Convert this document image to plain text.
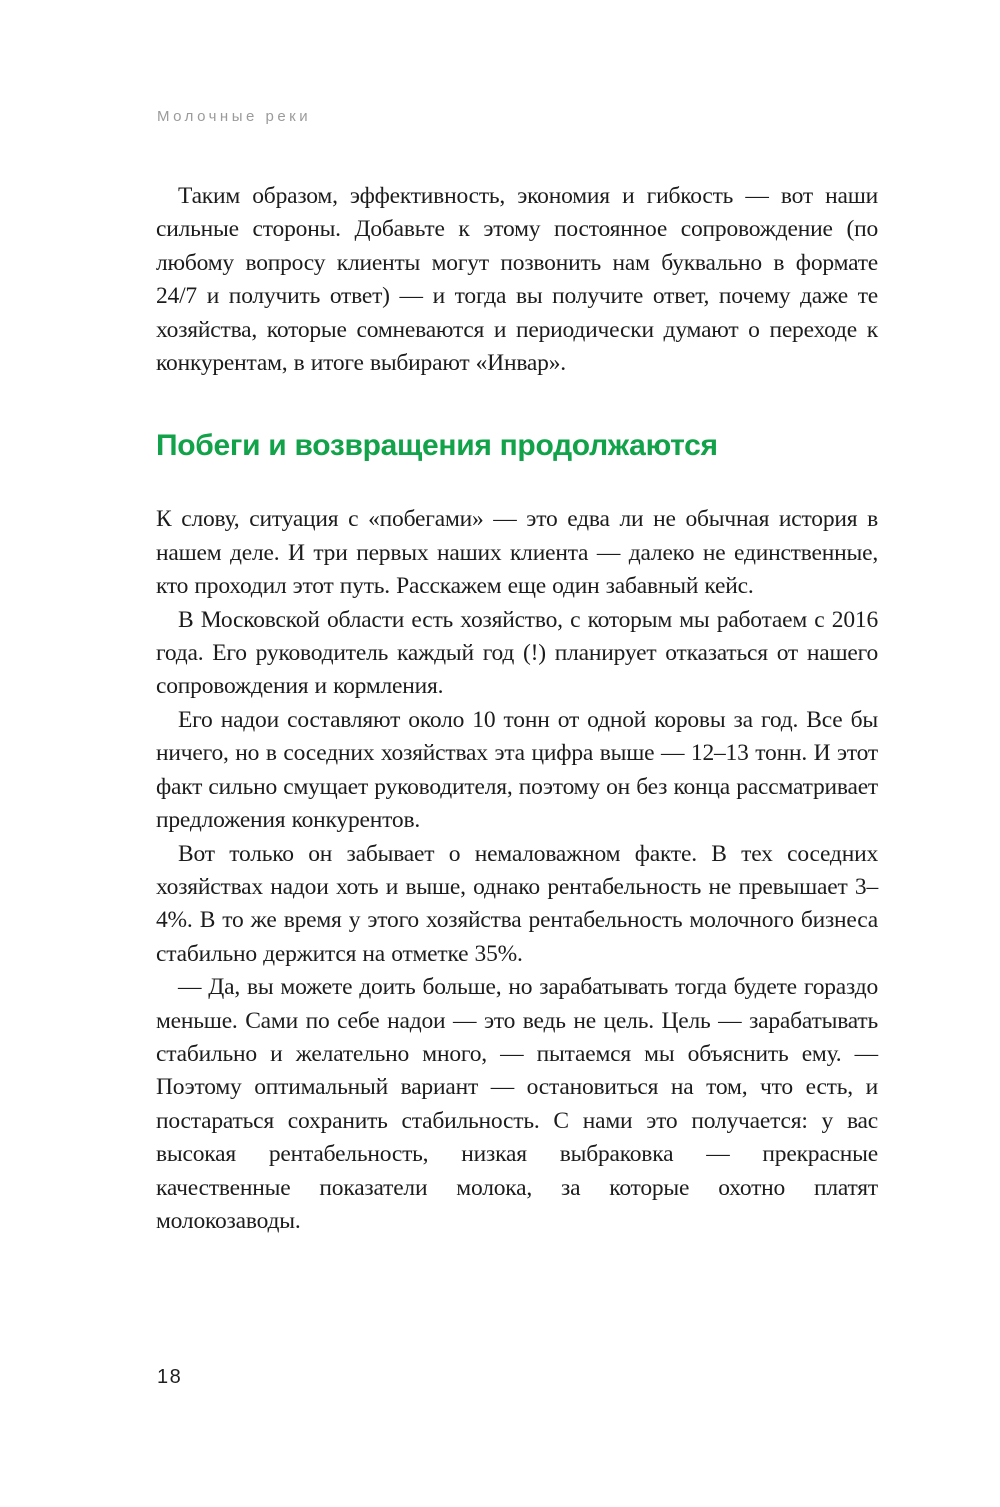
Молочные реки

Таким образом, эффективность, экономия и гибкость — вот наши сильные стороны. Добавьте к этому постоянное сопровождение (по любому вопросу клиенты могут позвонить нам буквально в формате 24/7 и получить ответ) — и тогда вы получите ответ, почему даже те хозяйства, которые сомневаются и периодически думают о переходе к конкурентам, в итоге выбирают «Инвар».

Побеги и возвращения продолжаются

К слову, ситуация с «побегами» — это едва ли не обычная история в нашем деле. И три первых наших клиента — далеко не единственные, кто проходил этот путь. Расскажем еще один забавный кейс.

В Московской области есть хозяйство, с которым мы работаем с 2016 года. Его руководитель каждый год (!) планирует отказаться от нашего сопровождения и кормления.

Его надои составляют около 10 тонн от одной коровы за год. Все бы ничего, но в соседних хозяйствах эта цифра выше — 12–13 тонн. И этот факт сильно смущает руководителя, поэтому он без конца рассматривает предложения конкурентов.

Вот только он забывает о немаловажном факте. В тех соседних хозяйствах надои хоть и выше, однако рентабельность не превышает 3–4%. В то же время у этого хозяйства рентабельность молочного бизнеса стабильно держится на отметке 35%.

— Да, вы можете доить больше, но зарабатывать тогда будете гораздо меньше. Сами по себе надои — это ведь не цель. Цель — зарабатывать стабильно и желательно много, — пытаемся мы объяснить ему. — Поэтому оптимальный вариант — остановиться на том, что есть, и постараться сохранить стабильность. С нами это получается: у вас высокая рентабельность, низкая выбраковка — прекрасные качественные показатели молока, за которые охотно платят молокозаводы.

18
